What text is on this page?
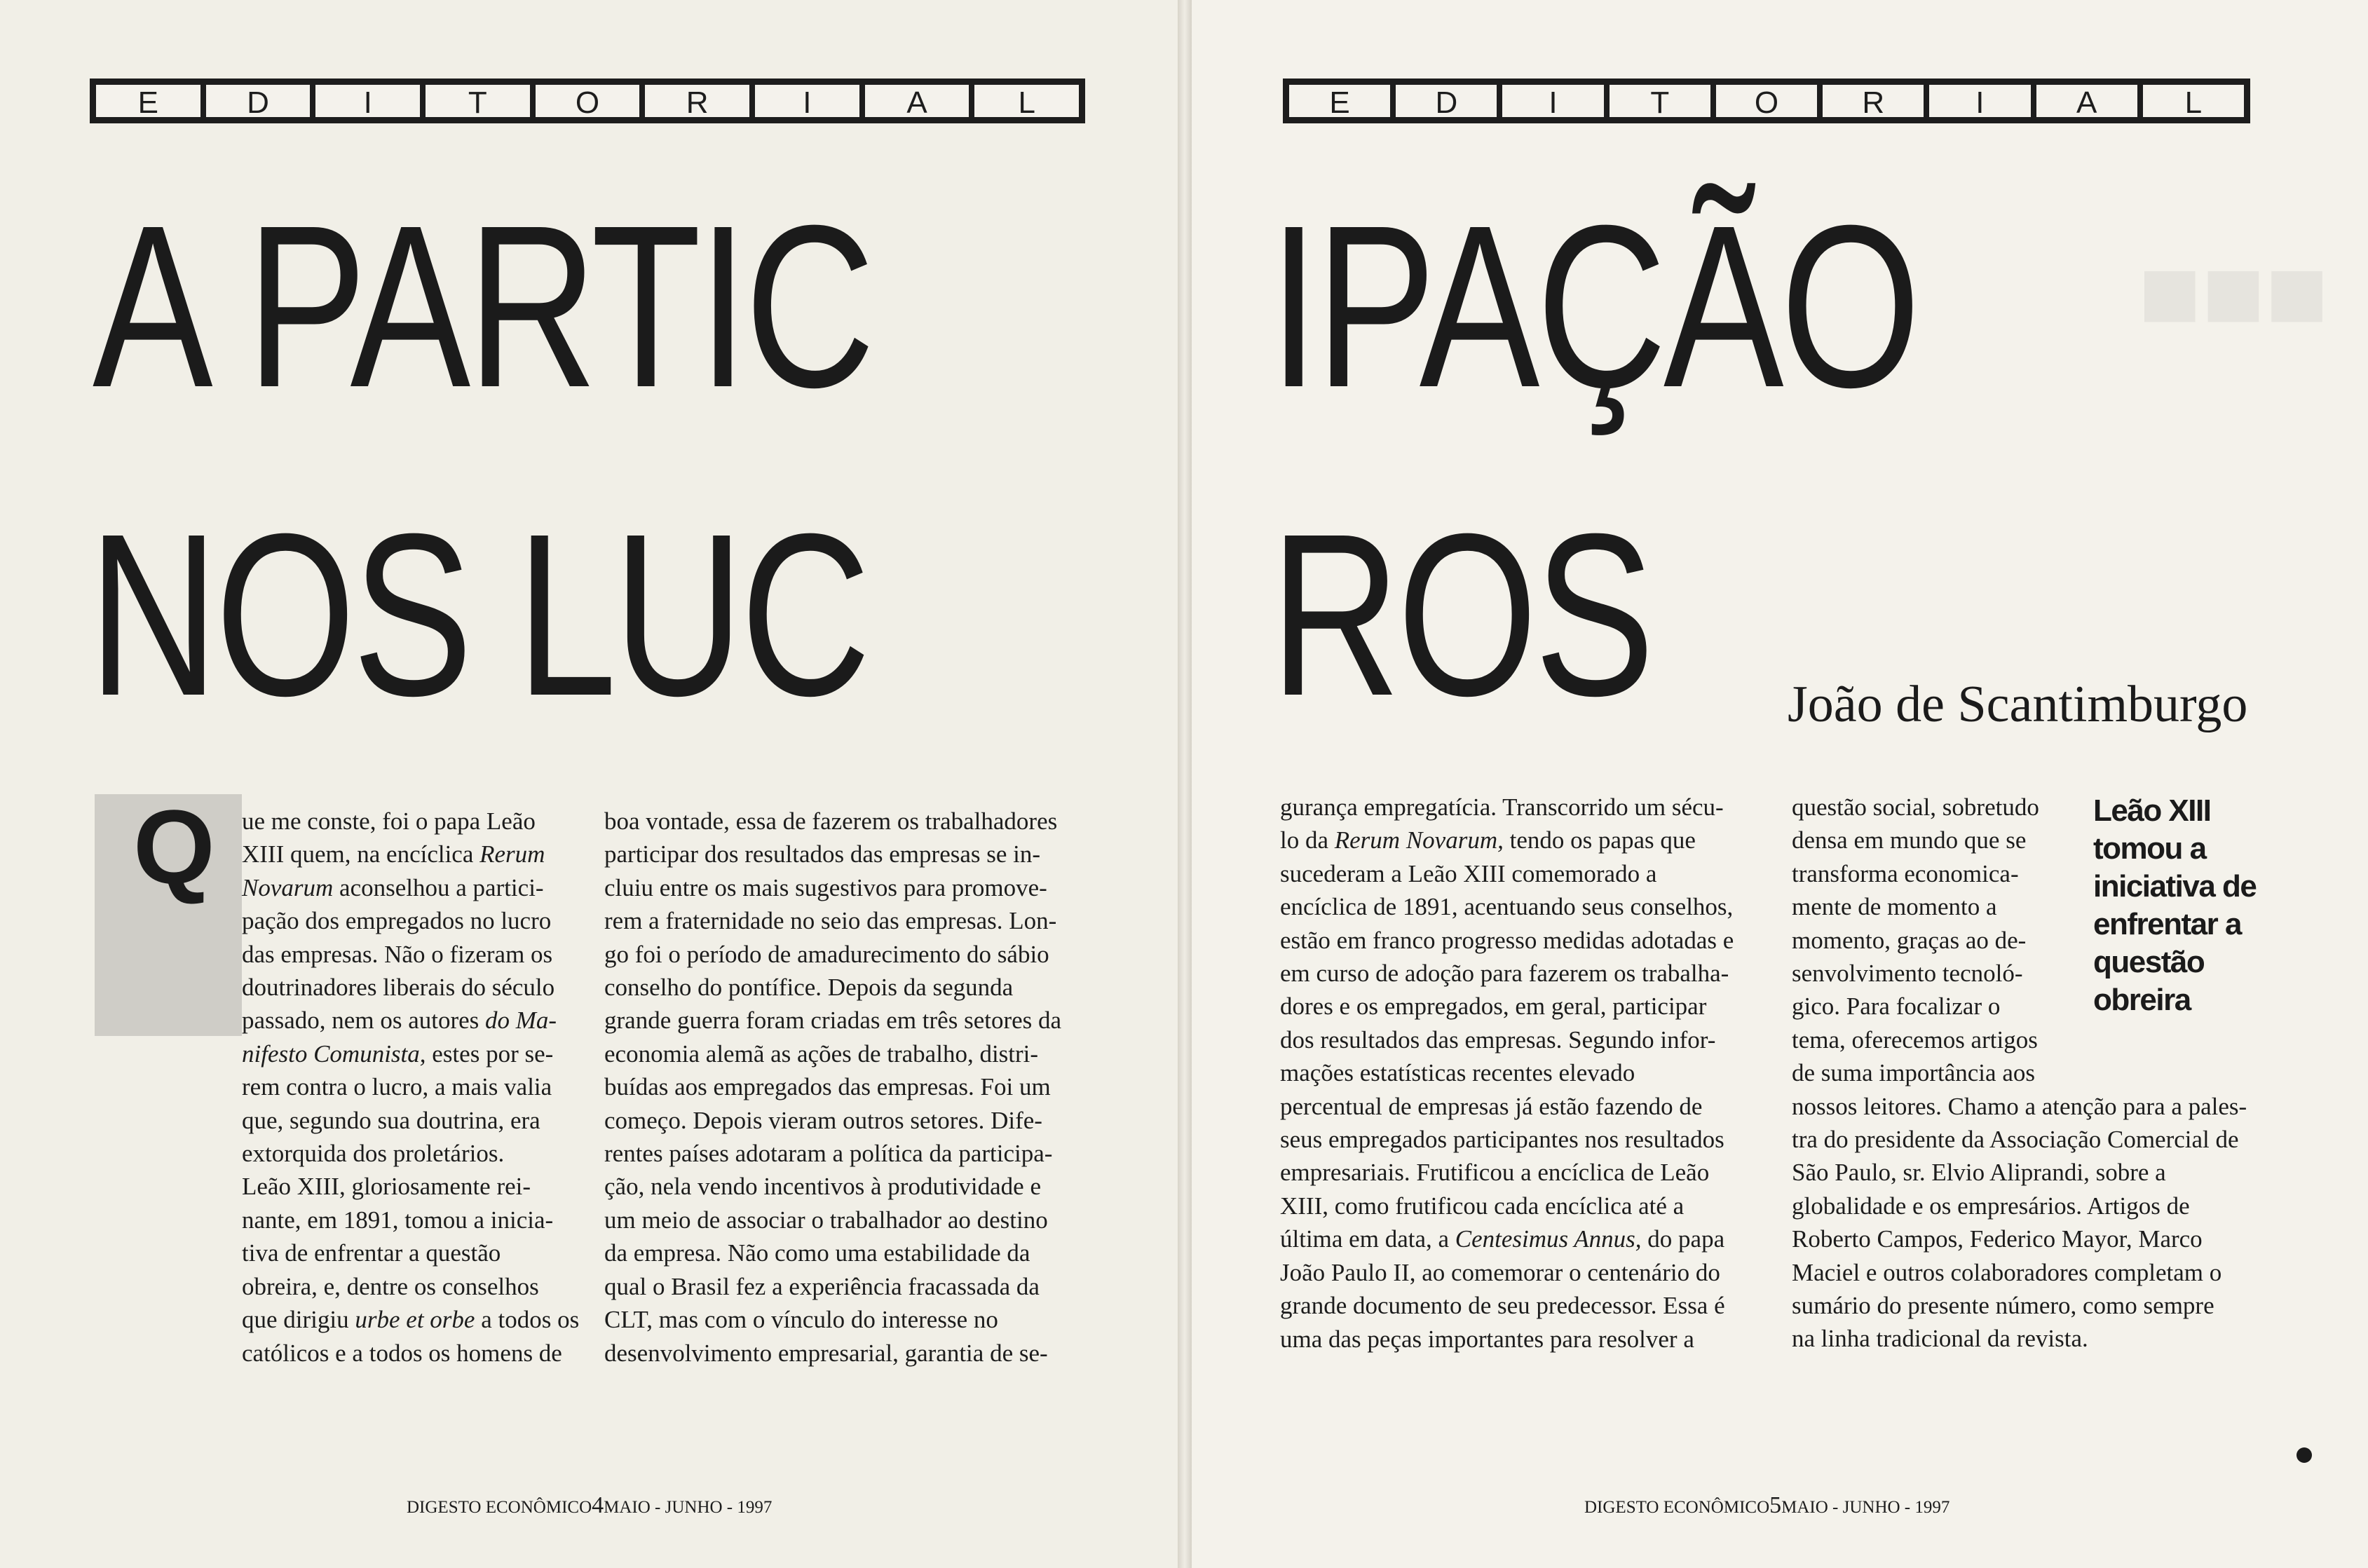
E	D	I	T	O	R	I	A	L
A PARTIC
NOS LUC
Q ue me conste, foi o papa Leão
XIII quem, na encíclica Rerum
Novarum aconselhou a partici-
pação dos empregados no lucro
das empresas. Não o fizeram os
doutrinadores liberais do século
passado, nem os autores do Ma-
nifesto Comunista, estes por se-
rem contra o lucro, a mais valia
que, segundo sua doutrina, era
extorquida dos proletários.
Leão XIII, gloriosamente rei-
nante, em 1891, tomou a inicia-
tiva de enfrentar a questão
obreira, e, dentre os conselhos
que dirigiu urbe et orbe a todos os
católicos e a todos os homens de
boa vontade, essa de fazerem os trabalhadores
participar dos resultados das empresas se in-
cluiu entre os mais sugestivos para promove-
rem a fraternidade no seio das empresas. Lon-
go foi o período de amadurecimento do sábio
conselho do pontífice. Depois da segunda
grande guerra foram criadas em três setores da
economia alemã as ações de trabalho, distri-
buídas aos empregados das empresas. Foi um
começo. Depois vieram outros setores. Dife-
rentes países adotaram a política da participa-
ção, nela vendo incentivos à produtividade e
um meio de associar o trabalhador ao destino
da empresa. Não como uma estabilidade da
qual o Brasil fez a experiência fracassada da
CLT, mas com o vínculo do interesse no
desenvolvimento empresarial, garantia de se-
DIGESTO ECONÔMICO4MAIO - JUNHO - 1997
■■■
E	D	I	T	O	R	I	A	L
IPAÇÃO
ROS	João de Scantimburgo
gurança empregatícia. Transcorrido um sécu-
lo da Rerum Novarum, tendo os papas que
sucederam a Leão XIII comemorado a
encíclica de 1891, acentuando seus conselhos,
estão em franco progresso medidas adotadas e
em curso de adoção para fazerem os trabalha-
dores e os empregados, em geral, participar
dos resultados das empresas. Segundo infor-
mações estatísticas recentes elevado
percentual de empresas já estão fazendo de
seus empregados participantes nos resultados
empresariais. Frutificou a encíclica de Leão
XIII, como frutificou cada encíclica até a
última em data, a Centesimus Annus, do papa
João Paulo II, ao comemorar o centenário do
grande documento de seu predecessor. Essa é
uma das peças importantes para resolver a
questão social, sobretudo
densa em mundo que se
transforma economica-
mente de momento a
momento, graças ao de-
senvolvimento tecnoló-
gico. Para focalizar o
tema, oferecemos artigos
de suma importância aos
nossos leitores. Chamo a atenção para a pales-
tra do presidente da Associação Comercial de
São Paulo, sr. Elvio Aliprandi, sobre a
globalidade e os empresários. Artigos de
Roberto Campos, Federico Mayor, Marco
Maciel e outros colaboradores completam o
sumário do presente número, como sempre
na linha tradicional da revista.
Leão XIII
tomou a
iniciativa de
enfrentar a
questão
obreira
DIGESTO ECONÔMICO5MAIO - JUNHO - 1997
